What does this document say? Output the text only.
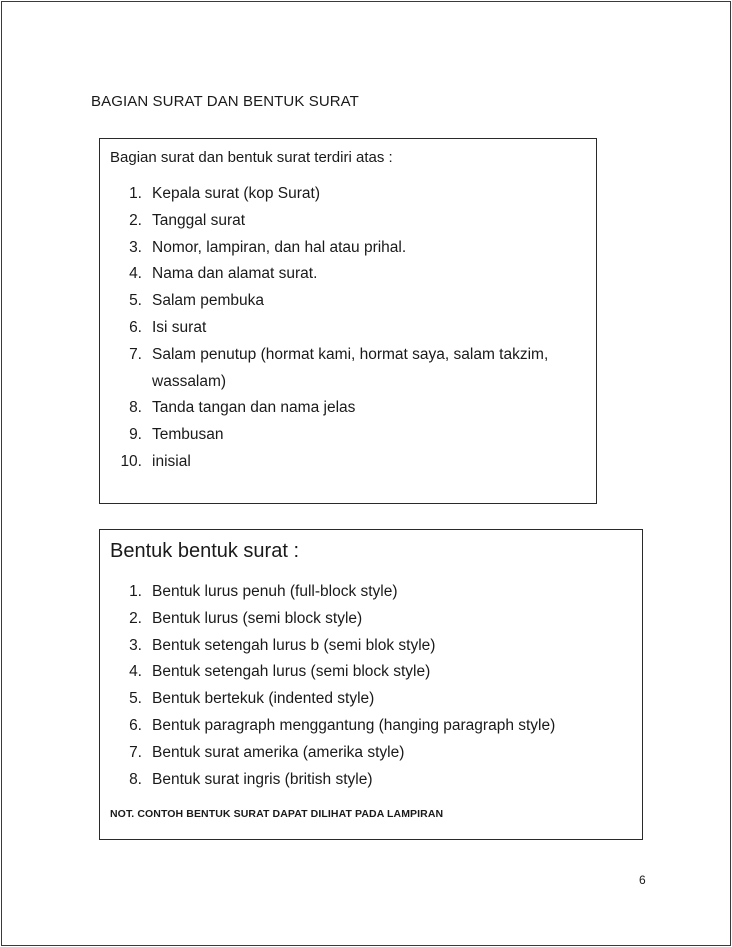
BAGIAN SURAT DAN BENTUK SURAT
Bagian surat dan bentuk surat terdiri atas :
1. Kepala surat (kop Surat)
2. Tanggal surat
3. Nomor, lampiran, dan hal atau prihal.
4. Nama dan alamat surat.
5. Salam pembuka
6. Isi surat
7. Salam penutup (hormat kami, hormat saya, salam takzim, wassalam)
8. Tanda tangan dan nama jelas
9. Tembusan
10. inisial
Bentuk bentuk surat :
1. Bentuk lurus penuh (full-block style)
2. Bentuk lurus (semi block style)
3. Bentuk setengah lurus b (semi blok style)
4. Bentuk setengah lurus (semi block style)
5. Bentuk bertekuk (indented style)
6. Bentuk paragraph menggantung (hanging paragraph style)
7. Bentuk surat amerika (amerika style)
8. Bentuk surat ingris (british style)
NOT. CONTOH BENTUK SURAT DAPAT DILIHAT PADA LAMPIRAN
6
